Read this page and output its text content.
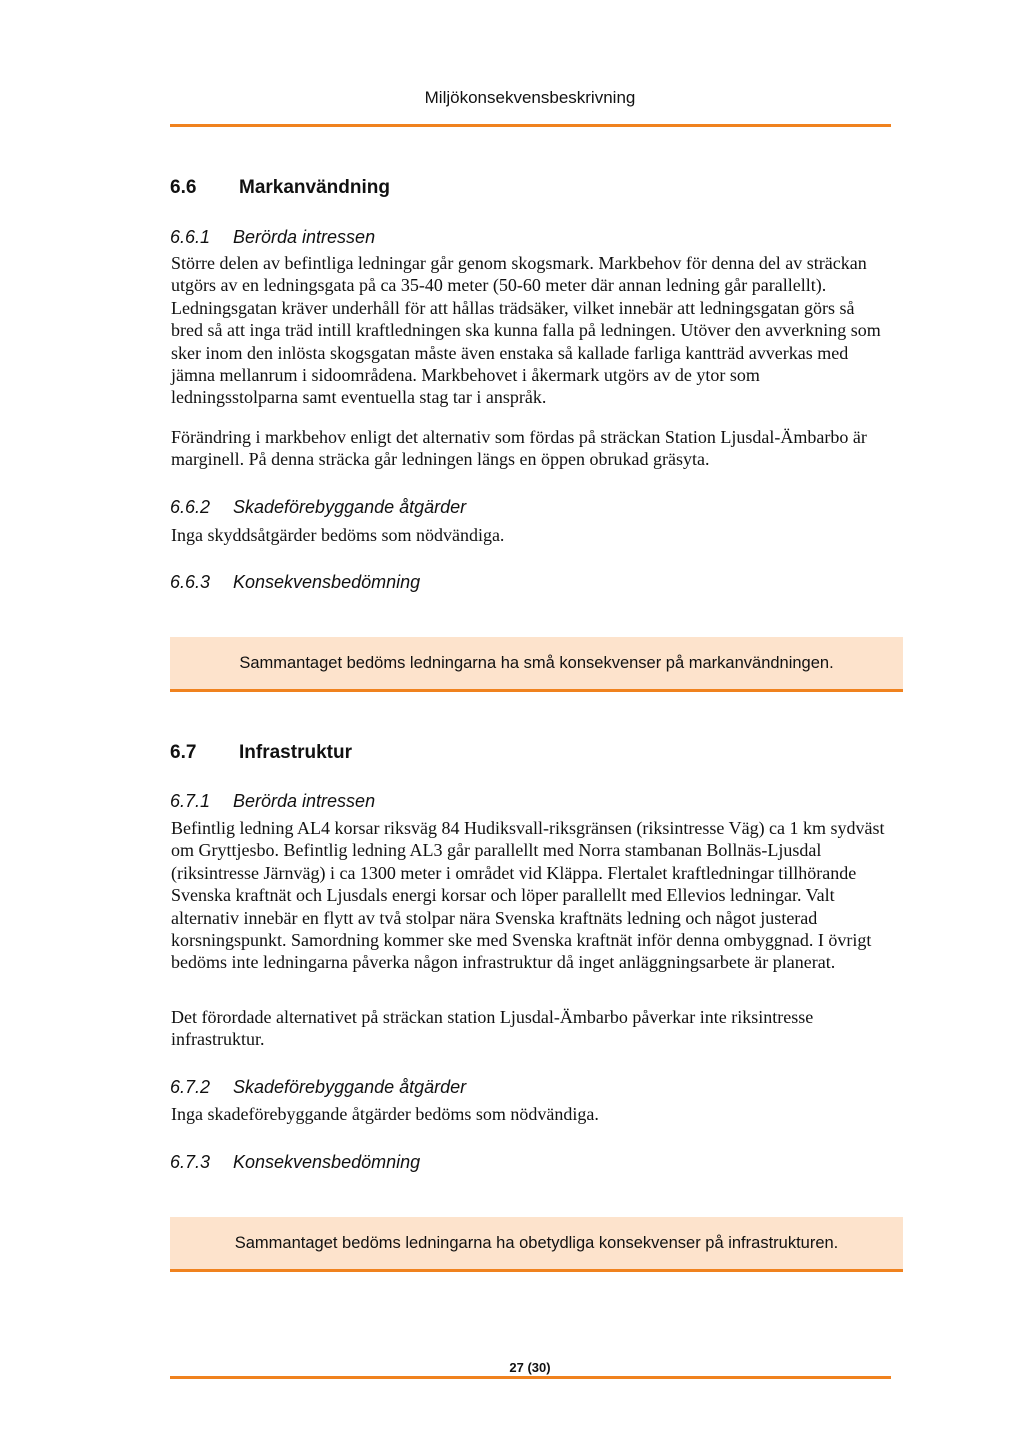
Miljökonsekvensbeskrivning
6.6 Markanvändning
6.6.1 Berörda intressen
Större delen av befintliga ledningar går genom skogsmark. Markbehov för denna del av sträckan utgörs av en ledningsgata på ca 35-40 meter (50-60 meter där annan ledning går parallellt). Ledningsgatan kräver underhåll för att hållas trädsäker, vilket innebär att ledningsgatan görs så bred så att inga träd intill kraftledningen ska kunna falla på ledningen. Utöver den avverkning som sker inom den inlösta skogsgatan måste även enstaka så kallade farliga kantträd avverkas med jämna mellanrum i sidoområdena. Markbehovet i åkermark utgörs av de ytor som ledningsstolparna samt eventuella stag tar i anspråk.
Förändring i markbehov enligt det alternativ som fördas på sträckan Station Ljusdal-Ämbarbo är marginell. På denna sträcka går ledningen längs en öppen obrukad gräsyta.
6.6.2 Skadeförebyggande åtgärder
Inga skyddsåtgärder bedöms som nödvändiga.
6.6.3 Konsekvensbedömning
Sammantaget bedöms ledningarna ha små konsekvenser på markanvändningen.
6.7 Infrastruktur
6.7.1 Berörda intressen
Befintlig ledning AL4 korsar riksväg 84 Hudiksvall-riksgränsen (riksintresse Väg) ca 1 km sydväst om Gryttjesbo. Befintlig ledning AL3 går parallellt med Norra stambanan Bollnäs-Ljusdal (riksintresse Järnväg) i ca 1300 meter i området vid Kläppa. Flertalet kraftledningar tillhörande Svenska kraftnät och Ljusdals energi korsar och löper parallellt med Ellevios ledningar. Valt alternativ innebär en flytt av två stolpar nära Svenska kraftnäts ledning och något justerad korsningspunkt. Samordning kommer ske med Svenska kraftnät inför denna ombyggnad. I övrigt bedöms inte ledningarna påverka någon infrastruktur då inget anläggningsarbete är planerat.
Det förordade alternativet på sträckan station Ljusdal-Ämbarbo påverkar inte riksintresse infrastruktur.
6.7.2 Skadeförebyggande åtgärder
Inga skadeförebyggande åtgärder bedöms som nödvändiga.
6.7.3 Konsekvensbedömning
Sammantaget bedöms ledningarna ha obetydliga konsekvenser på infrastrukturen.
27 (30)
